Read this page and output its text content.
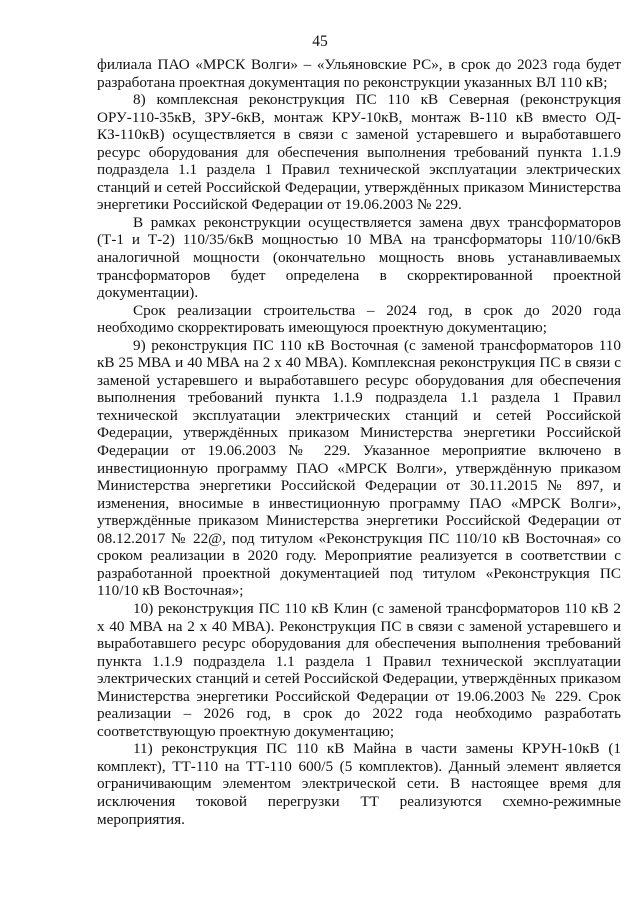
45

филиала ПАО «МРСК Волги» – «Ульяновские РС», в срок до 2023 года будет разработана проектная документация по реконструкции указанных ВЛ 110 кВ;

8) комплексная реконструкция ПС 110 кВ Северная (реконструкция ОРУ-110-35кВ, ЗРУ-6кВ, монтаж КРУ-10кВ, монтаж В-110 кВ вместо ОД-КЗ-110кВ) осуществляется в связи с заменой устаревшего и выработавшего ресурс оборудования для обеспечения выполнения требований пункта 1.1.9 подраздела 1.1 раздела 1 Правил технической эксплуатации электрических станций и сетей Российской Федерации, утверждённых приказом Министерства энергетики Российской Федерации от 19.06.2003 № 229.

В рамках реконструкции осуществляется замена двух трансформаторов (Т-1 и Т-2) 110/35/6кВ мощностью 10 МВА на трансформаторы 110/10/6кВ аналогичной мощности (окончательно мощность вновь устанавливаемых трансформаторов будет определена в скорректированной проектной документации).

Срок реализации строительства – 2024 год, в срок до 2020 года необходимо скорректировать имеющуюся проектную документацию;

9) реконструкция ПС 110 кВ Восточная (с заменой трансформаторов 110 кВ 25 МВА и 40 МВА на 2 х 40 МВА). Комплексная реконструкция ПС в связи с заменой устаревшего и выработавшего ресурс оборудования для обеспечения выполнения требований пункта 1.1.9 подраздела 1.1 раздела 1 Правил технической эксплуатации электрических станций и сетей Российской Федерации, утверждённых приказом Министерства энергетики Российской Федерации от 19.06.2003 № 229. Указанное мероприятие включено в инвестиционную программу ПАО «МРСК Волги», утверждённую приказом Министерства энергетики Российской Федерации от 30.11.2015 № 897, и изменения, вносимые в инвестиционную программу ПАО «МРСК Волги», утверждённые приказом Министерства энергетики Российской Федерации от 08.12.2017 № 22@, под титулом «Реконструкция ПС 110/10 кВ Восточная» со сроком реализации в 2020 году. Мероприятие реализуется в соответствии с разработанной проектной документацией под титулом «Реконструкция ПС 110/10 кВ Восточная»;

10) реконструкция ПС 110 кВ Клин (с заменой трансформаторов 110 кВ 2 х 40 МВА на 2 х 40 МВА). Реконструкция ПС в связи с заменой устаревшего и выработавшего ресурс оборудования для обеспечения выполнения требований пункта 1.1.9 подраздела 1.1 раздела 1 Правил технической эксплуатации электрических станций и сетей Российской Федерации, утверждённых приказом Министерства энергетики Российской Федерации от 19.06.2003 № 229. Срок реализации – 2026 год, в срок до 2022 года необходимо разработать соответствующую проектную документацию;

11) реконструкция ПС 110 кВ Майна в части замены КРУН-10кВ (1 комплект), ТТ-110 на ТТ-110 600/5 (5 комплектов). Данный элемент является ограничивающим элементом электрической сети. В настоящее время для исключения токовой перегрузки ТТ реализуются схемно-режимные мероприятия.
